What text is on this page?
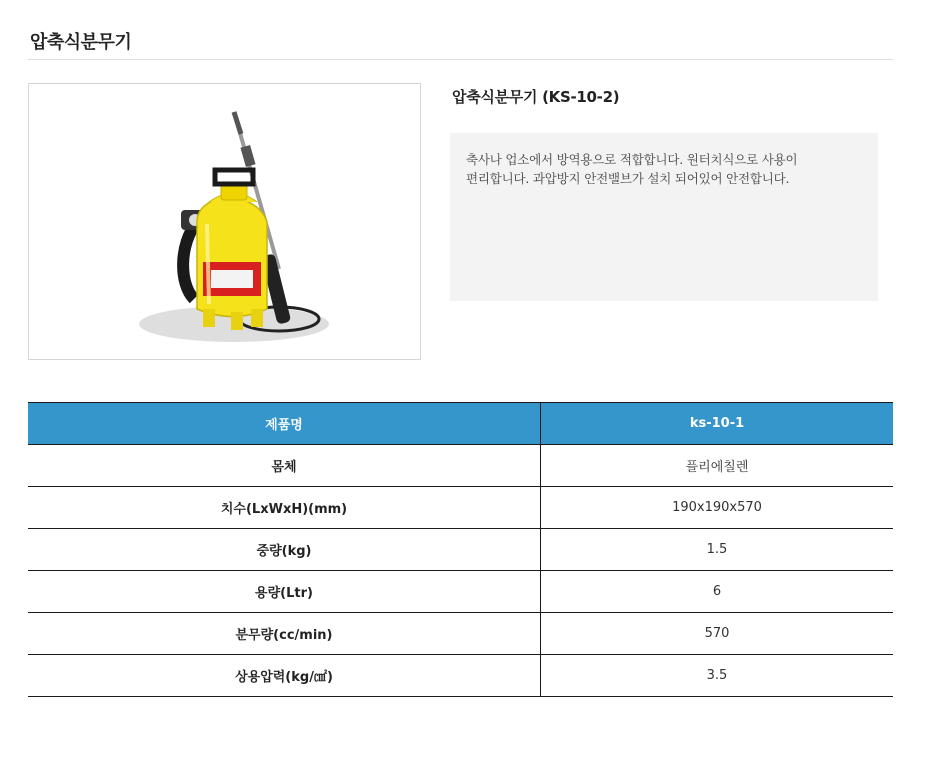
압축식분무기
압축식분무기 (KS-10-2)
축사나 업소에서 방역용으로 적합합니다. 원터치식으로 사용이
편리합니다. 과압방지 안전밸브가 설치 되어있어 안전합니다.
제품명	ks-10-1
몸체	플리에칠렌
치수(LxWxH)(mm)	190x190x570
중량(kg)	1.5
용량(Ltr)	6
분무량(cc/min)	570
상용압력(kg/㎠)	3.5
